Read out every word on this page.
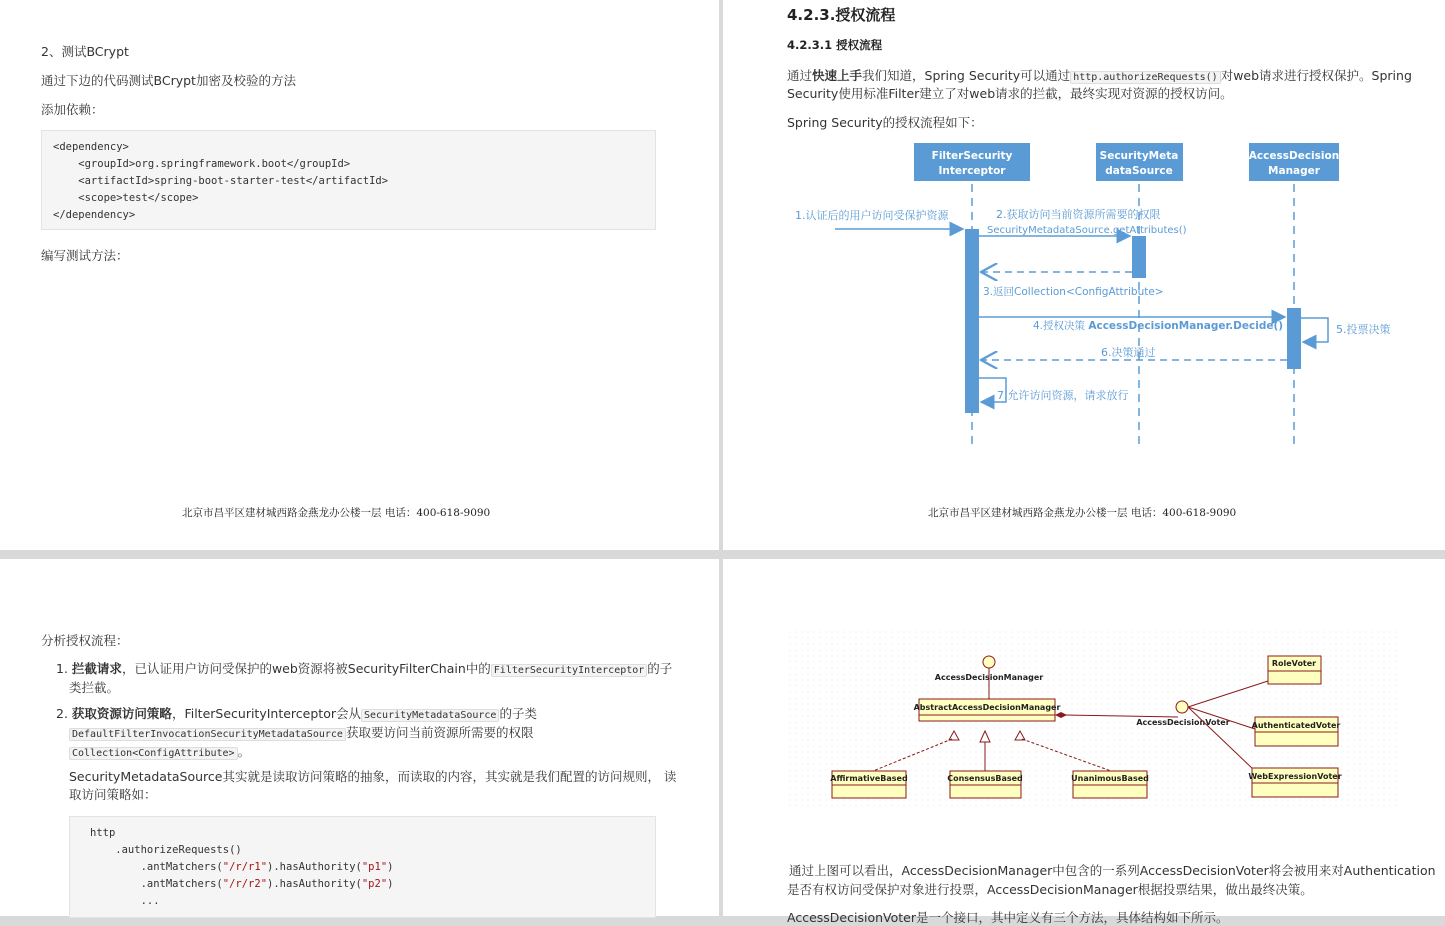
2、测试BCrypt
通过下边的代码测试BCrypt加密及校验的方法
添加依赖：
<dependency>
<groupId>org.springframework.boot</groupId>
<artifactId>spring-boot-starter-test</artifactId>
<scope>test</scope>
</dependency>
编写测试方法：
北京市昌平区建材城西路金燕龙办公楼一层 电话：400-618-9090
4.2.3.授权流程
4.2.3.1 授权流程
通过快速上手我们知道，Spring Security可以通过 http.authorizeRequests() 对web请求进行授权保护。Spring
Security使用标准Filter建立了对web请求的拦截，最终实现对资源的授权访问。
Spring Security的授权流程如下：
FilterSecurity
Interceptor
SecurityMeta
dataSource
AccessDecision
Manager
1.认证后的用户访问受保护资源	2.获取访问当前资源所需要的权限
SecurityMetadataSource.getAttributes()
3.返回Collection<ConfigAttribute>
4.授权决策 AccessDecisionManager.Decide()	5.投票决策
6.决策通过
7.允许访问资源，请求放行
北京市昌平区建材城西路金燕龙办公楼一层 电话：400-618-9090
分析授权流程：
1. 拦截请求，已认证用户访问受保护的web资源将被SecurityFilterChain中的 FilterSecurityInterceptor 的子
类拦截。
2. 获取资源访问策略，FilterSecurityInterceptor会从 SecurityMetadataSource 的子类
DefaultFilterInvocationSecurityMetadataSource 获取要访问当前资源所需要的权限
Collection<ConfigAttribute> 。
SecurityMetadataSource其实就是读取访问策略的抽象，而读取的内容，其实就是我们配置的访问规则， 读
取访问策略如：
http
.authorizeRequests()
.antMatchers("/r/r1").hasAuthority("p1")
.antMatchers("/r/r2").hasAuthority("p2")
...
AccessDecisionManager
AbstractAccessDecisionManager
AccessDecisionVoter
RoleVoter
AuthenticatedVoter
WebExpressionVoter
AffirmativeBased	ConsensusBased	UnanimousBased
通过上图可以看出，AccessDecisionManager中包含的一系列AccessDecisionVoter将会被用来对Authentication
是否有权访问受保护对象进行投票，AccessDecisionManager根据投票结果，做出最终决策。
AccessDecisionVoter是一个接口，其中定义有三个方法，具体结构如下所示。
